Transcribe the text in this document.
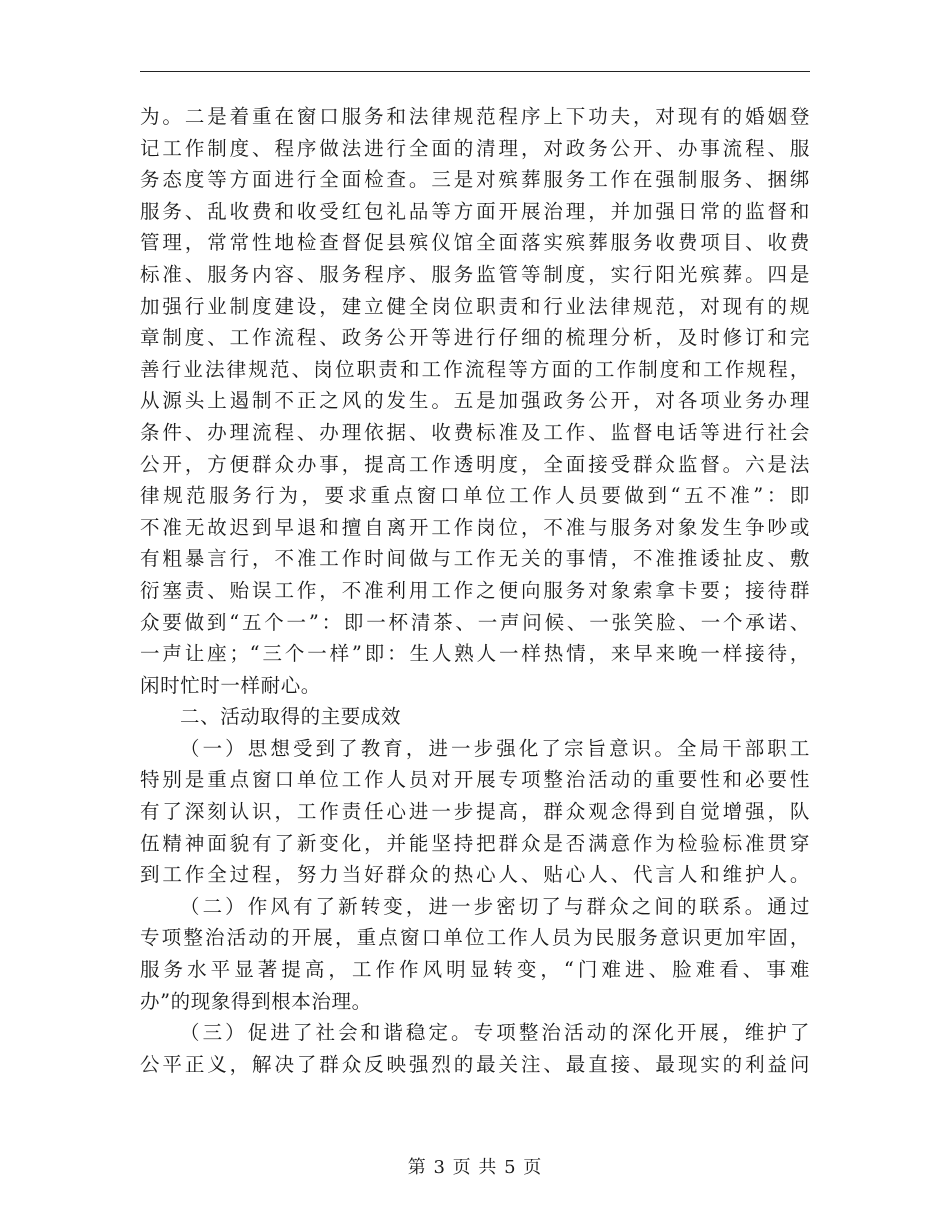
为。二是着重在窗口服务和法律规范程序上下功夫，对现有的婚姻登
记工作制度、程序做法进行全面的清理，对政务公开、办事流程、服
务态度等方面进行全面检查。三是对殡葬服务工作在强制服务、捆绑
服务、乱收费和收受红包礼品等方面开展治理，并加强日常的监督和
管理，常常性地检查督促县殡仪馆全面落实殡葬服务收费项目、收费
标准、服务内容、服务程序、服务监管等制度，实行阳光殡葬。四是
加强行业制度建设，建立健全岗位职责和行业法律规范，对现有的规
章制度、工作流程、政务公开等进行仔细的梳理分析，及时修订和完
善行业法律规范、岗位职责和工作流程等方面的工作制度和工作规程，
从源头上遏制不正之风的发生。五是加强政务公开，对各项业务办理
条件、办理流程、办理依据、收费标准及工作、监督电话等进行社会
公开，方便群众办事，提高工作透明度，全面接受群众监督。六是法
律规范服务行为，要求重点窗口单位工作人员要做到“五不准”：即
不准无故迟到早退和擅自离开工作岗位，不准与服务对象发生争吵或
有粗暴言行，不准工作时间做与工作无关的事情，不准推诿扯皮、敷
衍塞责、贻误工作，不准利用工作之便向服务对象索拿卡要；接待群
众要做到“五个一”：即一杯清茶、一声问候、一张笑脸、一个承诺、
一声让座；“三个一样”即：生人熟人一样热情，来早来晚一样接待，
闲时忙时一样耐心。
二、活动取得的主要成效
（一）思想受到了教育，进一步强化了宗旨意识。全局干部职工
特别是重点窗口单位工作人员对开展专项整治活动的重要性和必要性
有了深刻认识，工作责任心进一步提高，群众观念得到自觉增强，队
伍精神面貌有了新变化，并能坚持把群众是否满意作为检验标准贯穿
到工作全过程，努力当好群众的热心人、贴心人、代言人和维护人。
（二）作风有了新转变，进一步密切了与群众之间的联系。通过
专项整治活动的开展，重点窗口单位工作人员为民服务意识更加牢固，
服务水平显著提高，工作作风明显转变，“门难进、脸难看、事难
办”的现象得到根本治理。
（三）促进了社会和谐稳定。专项整治活动的深化开展，维护了
公平正义，解决了群众反映强烈的最关注、最直接、最现实的利益问
第 3 页 共 5 页
